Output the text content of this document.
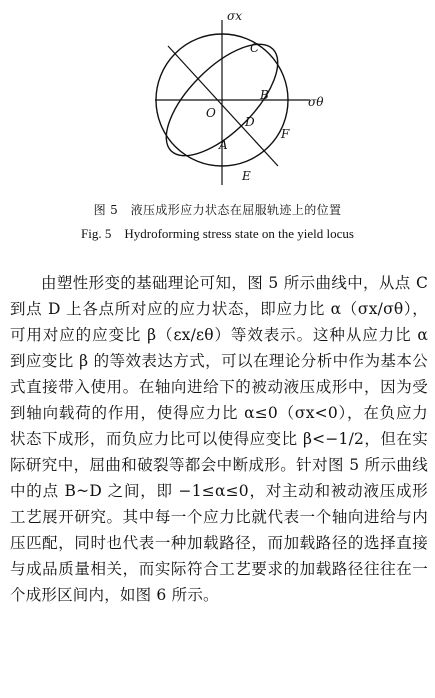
σx
σθ
O
A
B
C
D
E
F
图 5　液压成形应力状态在屈服轨迹上的位置
Fig. 5　Hydroforming stress state on the yield locus

由塑性形变的基础理论可知，图 5 所示曲线中，从点 C 到点 D 上各点所对应的应力状态，即应力比 α（σx/σθ），可用对应的应变比 β（εx/εθ）等效表示。这种从应力比 α 到应变比 β 的等效表达方式，可以在理论分析中作为基本公式直接带入使用。在轴向进给下的被动液压成形中，因为受到轴向载荷的作用，使得应力比 α≤0（σx<0），在负应力状态下成形，而负应力比可以使得应变比 β<−1/2，但在实际研究中，屈曲和破裂等都会中断成形。针对图 5 所示曲线中的点 B~D 之间，即 −1≤α≤0，对主动和被动液压成形工艺展开研究。其中每一个应力比就代表一个轴向进给与内压匹配，同时也代表一种加载路径，而加载路径的选择直接与成品质量相关，而实际符合工艺要求的加载路径往往在一个成形区间内，如图 6 所示。
